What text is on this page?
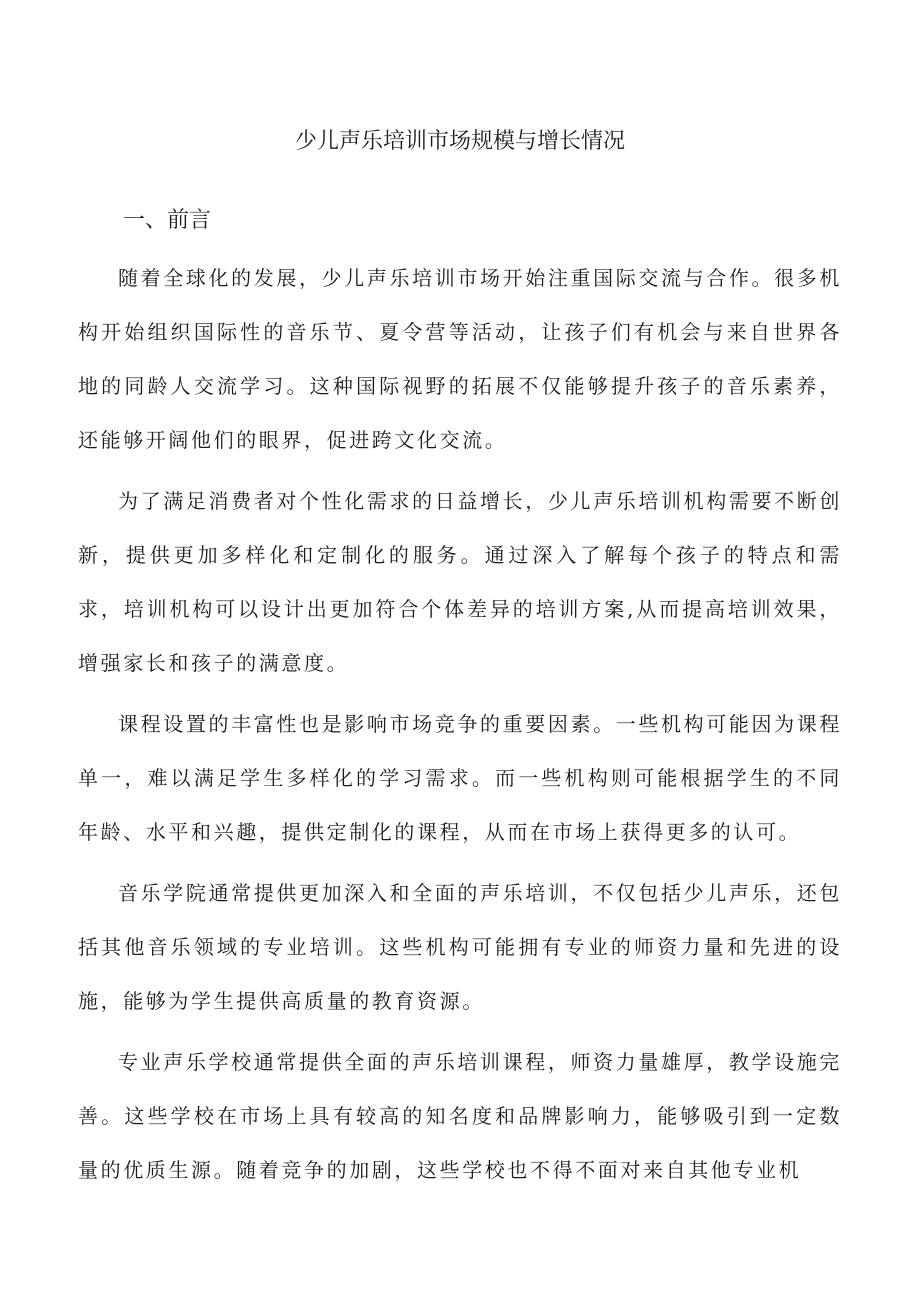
少儿声乐培训市场规模与增长情况
一、前言

随着全球化的发展，少儿声乐培训市场开始注重国际交流与合作。很多机构开始组织国际性的音乐节、夏令营等活动，让孩子们有机会与来自世界各地的同龄人交流学习。这种国际视野的拓展不仅能够提升孩子的音乐素养，还能够开阔他们的眼界，促进跨文化交流。

为了满足消费者对个性化需求的日益增长，少儿声乐培训机构需要不断创新，提供更加多样化和定制化的服务。通过深入了解每个孩子的特点和需求，培训机构可以设计出更加符合个体差异的培训方案,从而提高培训效果，增强家长和孩子的满意度。

课程设置的丰富性也是影响市场竞争的重要因素。一些机构可能因为课程单一，难以满足学生多样化的学习需求。而一些机构则可能根据学生的不同年龄、水平和兴趣，提供定制化的课程，从而在市场上获得更多的认可。

音乐学院通常提供更加深入和全面的声乐培训，不仅包括少儿声乐，还包括其他音乐领域的专业培训。这些机构可能拥有专业的师资力量和先进的设施，能够为学生提供高质量的教育资源。

专业声乐学校通常提供全面的声乐培训课程，师资力量雄厚，教学设施完善。这些学校在市场上具有较高的知名度和品牌影响力，能够吸引到一定数量的优质生源。随着竞争的加剧，这些学校也不得不面对来自其他专业机
